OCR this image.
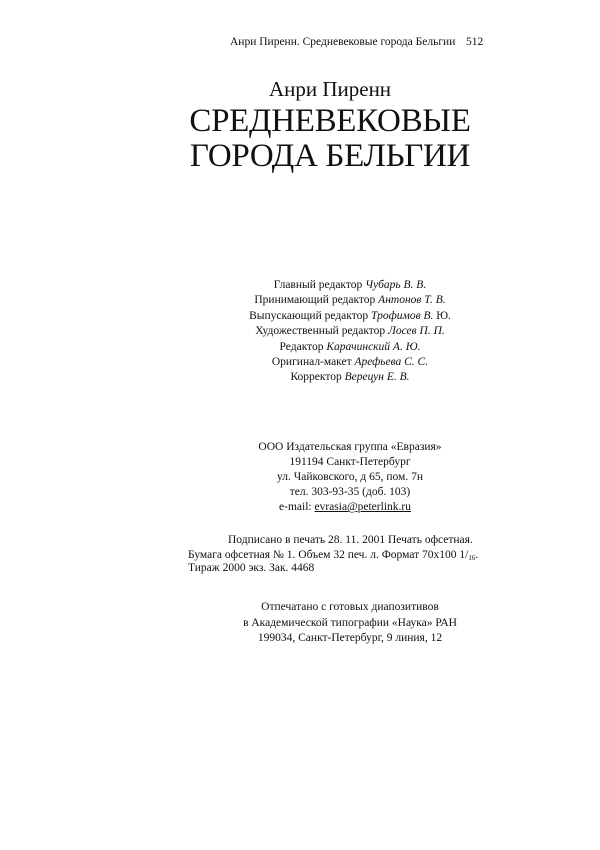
Анри Пиренн. Средневековые города Бельгии 512
Анри Пиренн
СРЕДНЕВЕКОВЫЕ
ГОРОДА БЕЛЬГИИ
Главный редактор Чубарь В. В.
Принимающий редактор Антонов Т. В.
Выпускающий редактор Трофимов В. Ю.
Художественный редактор Лосев П. П.
Редактор Карачинский А. Ю.
Оригинал-макет Арефьева С. С.
Корректор Верецун Е. В.
ООО Издательская группа «Евразия»
191194 Санкт-Петербург
ул. Чайковского, д 65, пом. 7н
тел. 303-93-35 (доб. 103)
e-mail: evrasia@peterlink.ru
Подписано в печать 28. 11. 2001 Печать офсетная.
Бумага офсетная № 1. Объем 32 печ. л. Формат 70x100 $1/_{16}$.
Тираж 2000 экз. Зак. 4468
Отпечатано с готовых диапозитивов
в Академической типографии «Наука» РАН
199034, Санкт-Петербург, 9 линия, 12
